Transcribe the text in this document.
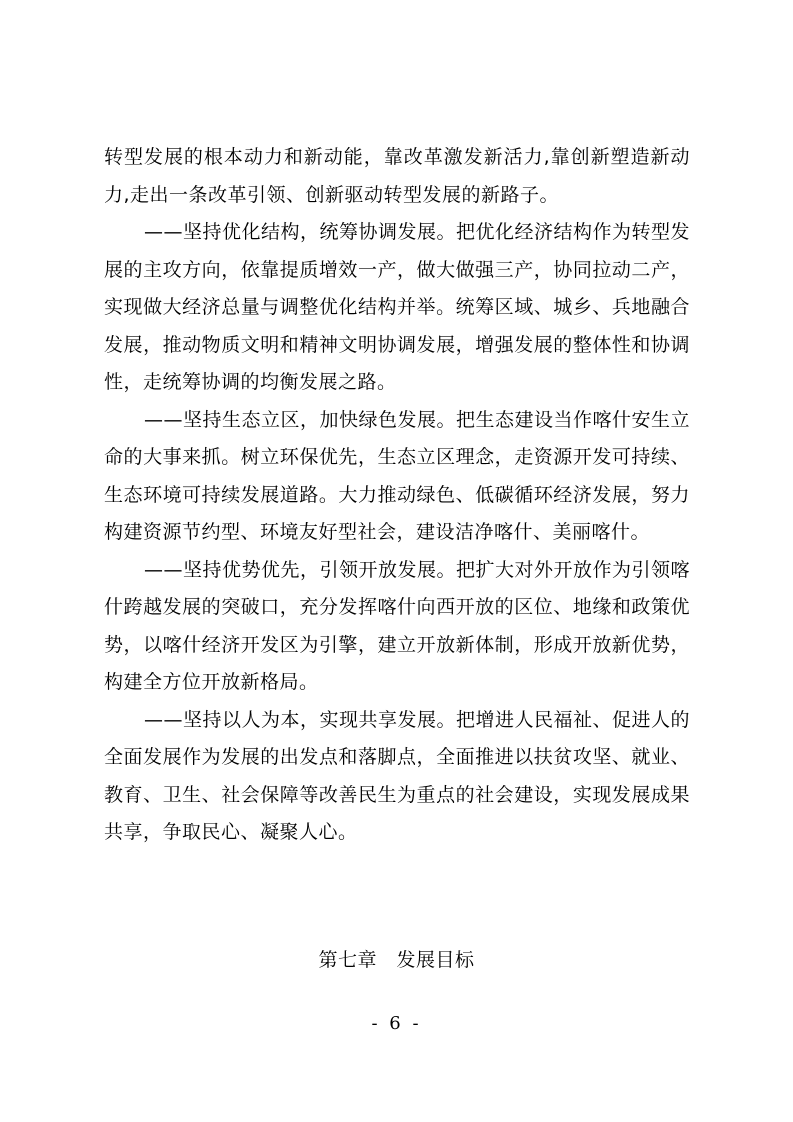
转型发展的根本动力和新动能，靠改革激发新活力,靠创新塑造新动力,走出一条改革引领、创新驱动转型发展的新路子。

——坚持优化结构，统筹协调发展。把优化经济结构作为转型发展的主攻方向，依靠提质增效一产，做大做强三产，协同拉动二产，实现做大经济总量与调整优化结构并举。统筹区域、城乡、兵地融合发展，推动物质文明和精神文明协调发展，增强发展的整体性和协调性，走统筹协调的均衡发展之路。

——坚持生态立区，加快绿色发展。把生态建设当作喀什安生立命的大事来抓。树立环保优先，生态立区理念，走资源开发可持续、生态环境可持续发展道路。大力推动绿色、低碳循环经济发展，努力构建资源节约型、环境友好型社会，建设洁净喀什、美丽喀什。

——坚持优势优先，引领开放发展。把扩大对外开放作为引领喀什跨越发展的突破口，充分发挥喀什向西开放的区位、地缘和政策优势，以喀什经济开发区为引擎，建立开放新体制，形成开放新优势，构建全方位开放新格局。

——坚持以人为本，实现共享发展。把增进人民福祉、促进人的全面发展作为发展的出发点和落脚点，全面推进以扶贫攻坚、就业、教育、卫生、社会保障等改善民生为重点的社会建设，实现发展成果共享，争取民心、凝聚人心。

第七章　发展目标
- 6 -
